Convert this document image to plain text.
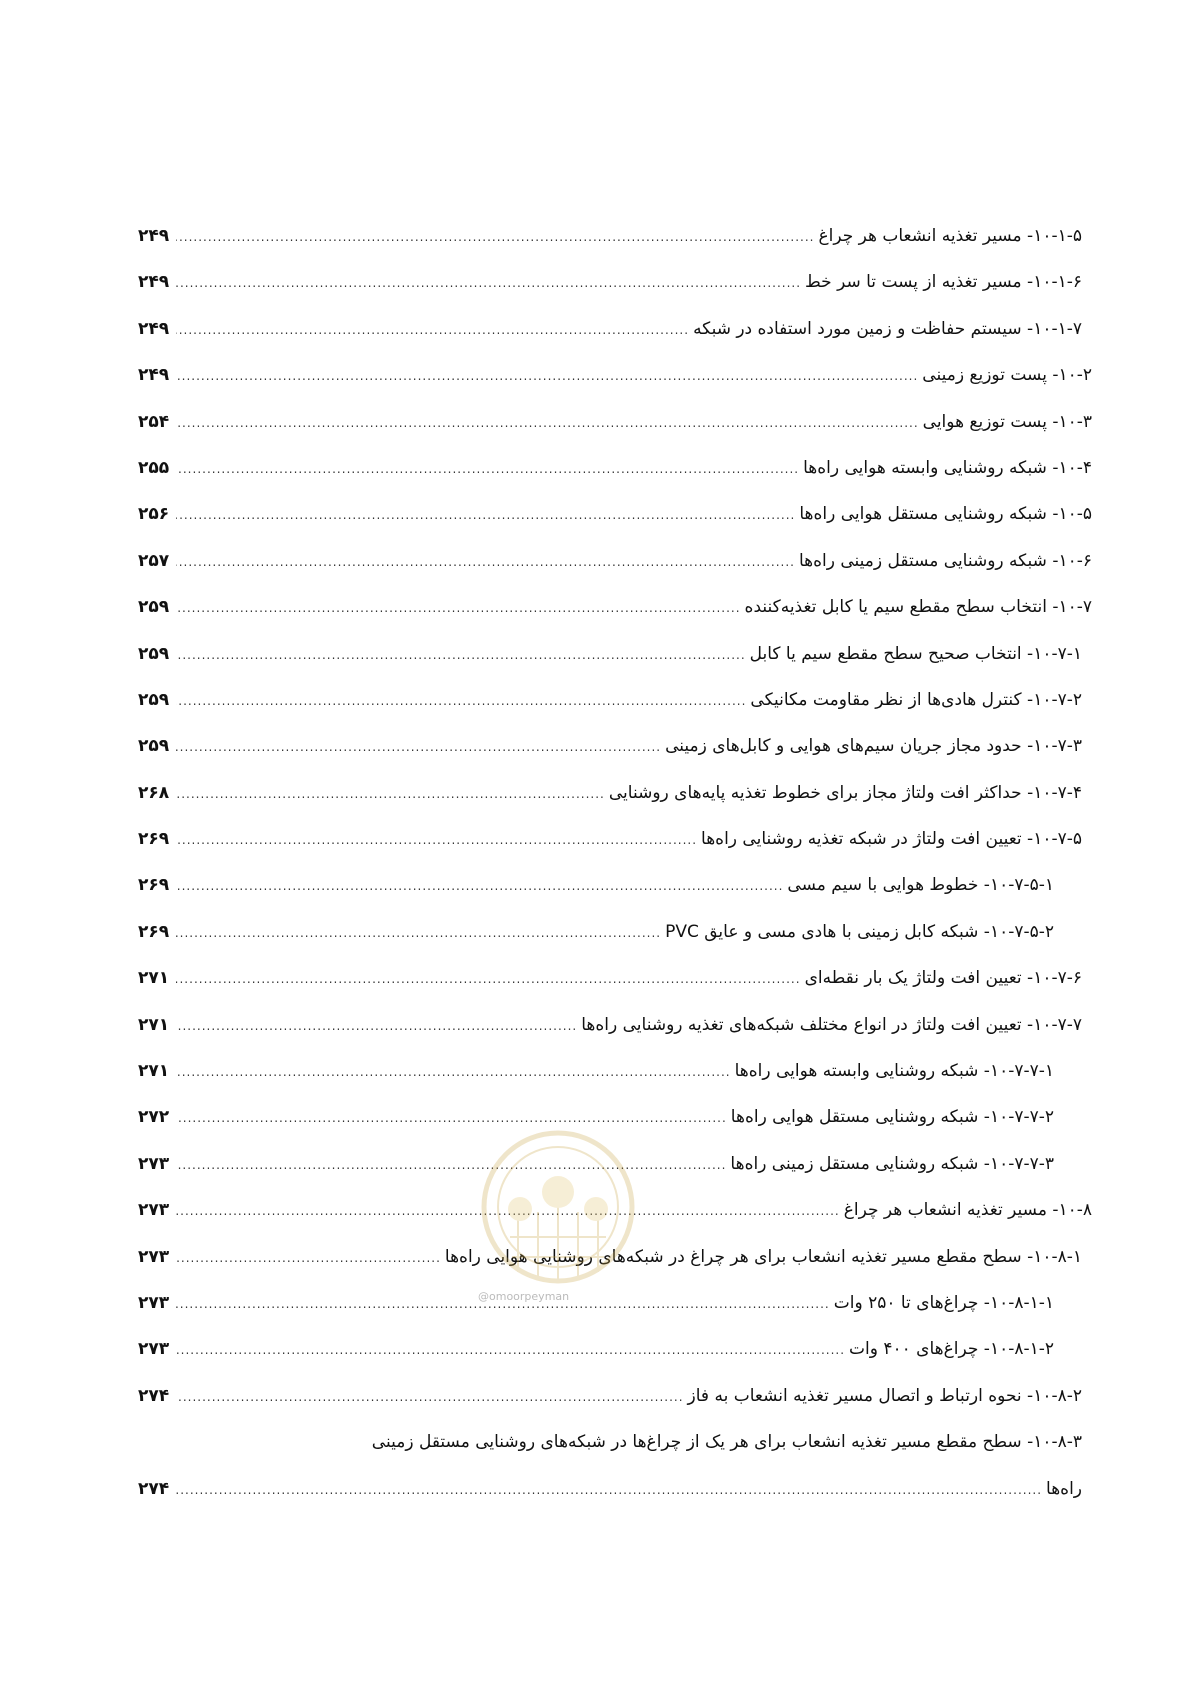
۱۰-۱-۵- مسیر تغذیه انشعاب هر چراغ
.....
۲۴۹
۱۰-۱-۶- مسیر تغذیه از پست تا سر خط
.....
۲۴۹
۱۰-۱-۷- سیستم حفاظت و زمین مورد استفاده در شبکه
.....
۲۴۹
۱۰-۲- پست توزیع زمینی
.....
۲۴۹
۱۰-۳- پست توزیع هوایی
.....
۲۵۴
۱۰-۴- شبکه روشنایی وابسته هوایی راه‌ها
.....
۲۵۵
۱۰-۵- شبکه روشنایی مستقل هوایی راه‌ها
.....
۲۵۶
۱۰-۶- شبکه روشنایی مستقل زمینی راه‌ها
.....
۲۵۷
۱۰-۷- انتخاب سطح مقطع سیم یا کابل تغذیه‌کننده
.....
۲۵۹
۱۰-۷-۱- انتخاب صحیح سطح مقطع سیم یا کابل
.....
۲۵۹
۱۰-۷-۲- کنترل هادی‌ها از نظر مقاومت مکانیکی
.....
۲۵۹
۱۰-۷-۳- حدود مجاز جریان سیم‌های هوایی و کابل‌های زمینی
.....
۲۵۹
۱۰-۷-۴- حداکثر افت ولتاژ مجاز برای خطوط تغذیه پایه‌های روشنایی
.....
۲۶۸
۱۰-۷-۵- تعیین افت ولتاژ در شبکه تغذیه روشنایی راه‌ها
.....
۲۶۹
۱۰-۷-۵-۱- خطوط هوایی با سیم مسی
.....
۲۶۹
۱۰-۷-۵-۲- شبکه کابل زمینی با هادی مسی و عایق PVC
.....
۲۶۹
۱۰-۷-۶- تعیین افت ولتاژ یک بار نقطه‌ای
.....
۲۷۱
۱۰-۷-۷- تعیین افت ولتاژ در انواع مختلف شبکه‌های تغذیه روشنایی راه‌ها
.....
۲۷۱
۱۰-۷-۷-۱- شبکه روشنایی وابسته هوایی راه‌ها
.....
۲۷۱
۱۰-۷-۷-۲- شبکه روشنایی مستقل هوایی راه‌ها
.....
۲۷۲
۱۰-۷-۷-۳- شبکه روشنایی مستقل زمینی راه‌ها
.....
۲۷۳
۱۰-۸- مسیر تغذیه انشعاب هر چراغ
.....
۲۷۳
۱۰-۸-۱- سطح مقطع مسیر تغذیه انشعاب برای هر چراغ در شبکه‌های روشنایی هوایی راه‌ها
.....
۲۷۳
۱۰-۸-۱-۱- چراغ‌های تا ۲۵۰ وات
.....
۲۷۳
۱۰-۸-۱-۲- چراغ‌های ۴۰۰ وات
.....
۲۷۳
۱۰-۸-۲- نحوه ارتباط و اتصال مسیر تغذیه انشعاب به فاز
.....
۲۷۴
۱۰-۸-۳- سطح مقطع مسیر تغذیه انشعاب برای هر یک از چراغ‌ها در شبکه‌های روشنایی مستقل زمینی
راه‌ها
.....
۲۷۴
@omoorpeyman
